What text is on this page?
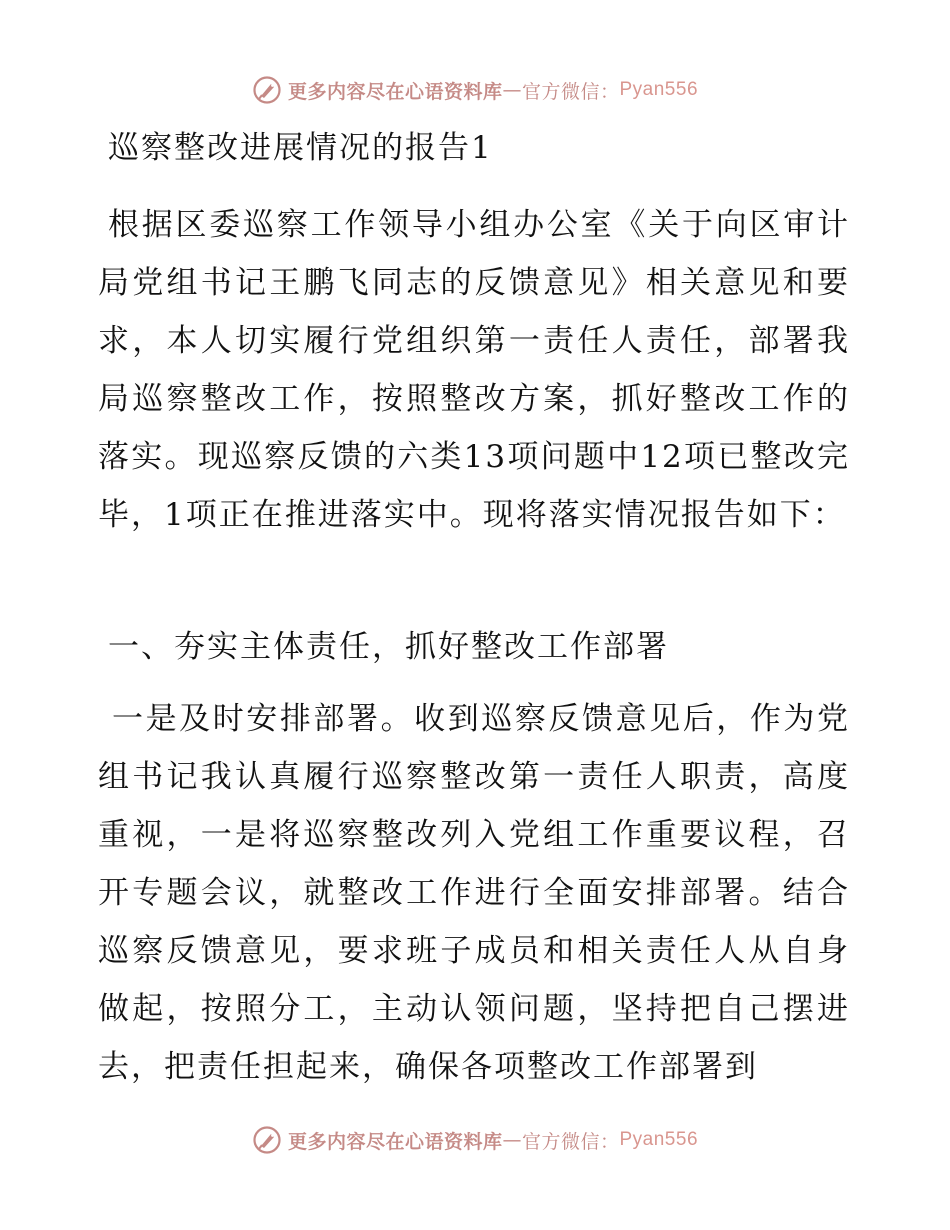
更多内容尽在心语资料库 — 官方微信： Pyan556
巡察整改进展情况的报告1

根据区委巡察工作领导小组办公室《关于向区审计局党组书记王鹏飞同志的反馈意见》相关意见和要求，本人切实履行党组织第一责任人责任，部署我局巡察整改工作，按照整改方案，抓好整改工作的落实。现巡察反馈的六类13项问题中12项已整改完毕，1项正在推进落实中。现将落实情况报告如下：

一、夯实主体责任，抓好整改工作部署

一是及时安排部署。收到巡察反馈意见后，作为党组书记我认真履行巡察整改第一责任人职责，高度重视，一是将巡察整改列入党组工作重要议程，召开专题会议，就整改工作进行全面安排部署。结合巡察反馈意见，要求班子成员和相关责任人从自身做起，按照分工，主动认领问题，坚持把自己摆进去，把责任担起来，确保各项整改工作部署到

更多内容尽在心语资料库 — 官方微信： Pyan556
